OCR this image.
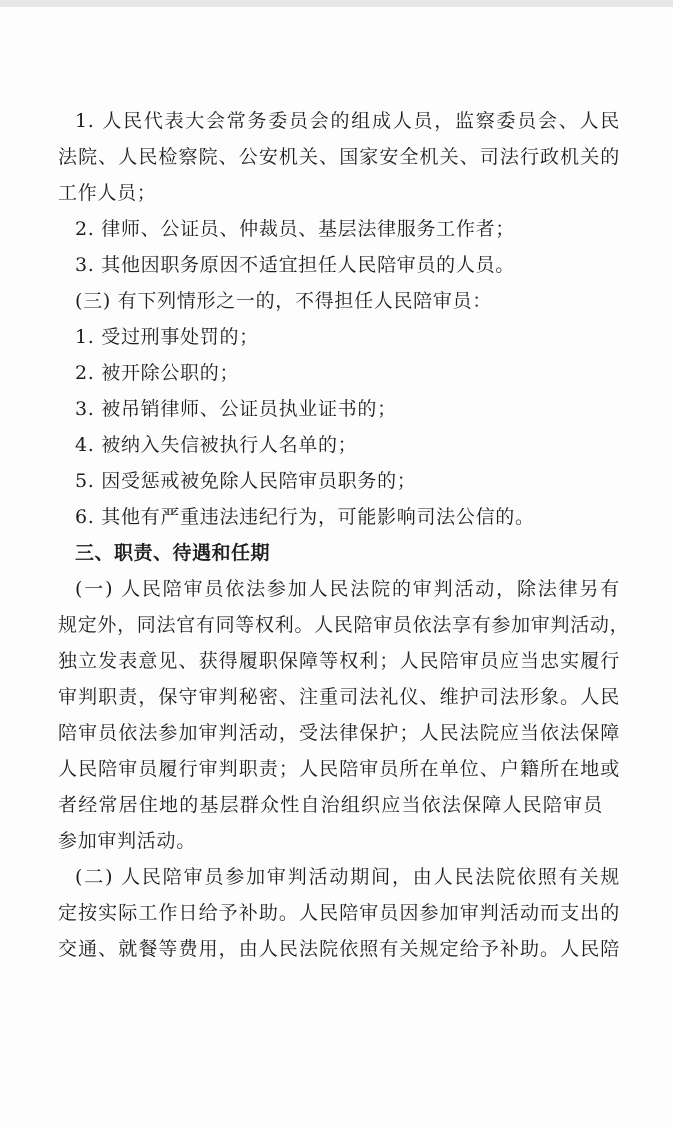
1. 人民代表大会常务委员会的组成人员，监察委员会、人民
法院、人民检察院、公安机关、国家安全机关、司法行政机关的
工作人员；
2. 律师、公证员、仲裁员、基层法律服务工作者；
3. 其他因职务原因不适宜担任人民陪审员的人员。
(三) 有下列情形之一的，不得担任人民陪审员：
1. 受过刑事处罚的；
2. 被开除公职的；
3. 被吊销律师、公证员执业证书的；
4. 被纳入失信被执行人名单的；
5. 因受惩戒被免除人民陪审员职务的；
6. 其他有严重违法违纪行为，可能影响司法公信的。
三、职责、待遇和任期
(一) 人民陪审员依法参加人民法院的审判活动，除法律另有
规定外，同法官有同等权利。人民陪审员依法享有参加审判活动，
独立发表意见、获得履职保障等权利；人民陪审员应当忠实履行
审判职责，保守审判秘密、注重司法礼仪、维护司法形象。人民
陪审员依法参加审判活动，受法律保护；人民法院应当依法保障
人民陪审员履行审判职责；人民陪审员所在单位、户籍所在地或
者经常居住地的基层群众性自治组织应当依法保障人民陪审员
参加审判活动。
(二) 人民陪审员参加审判活动期间，由人民法院依照有关规
定按实际工作日给予补助。人民陪审员因参加审判活动而支出的
交通、就餐等费用，由人民法院依照有关规定给予补助。人民陪
